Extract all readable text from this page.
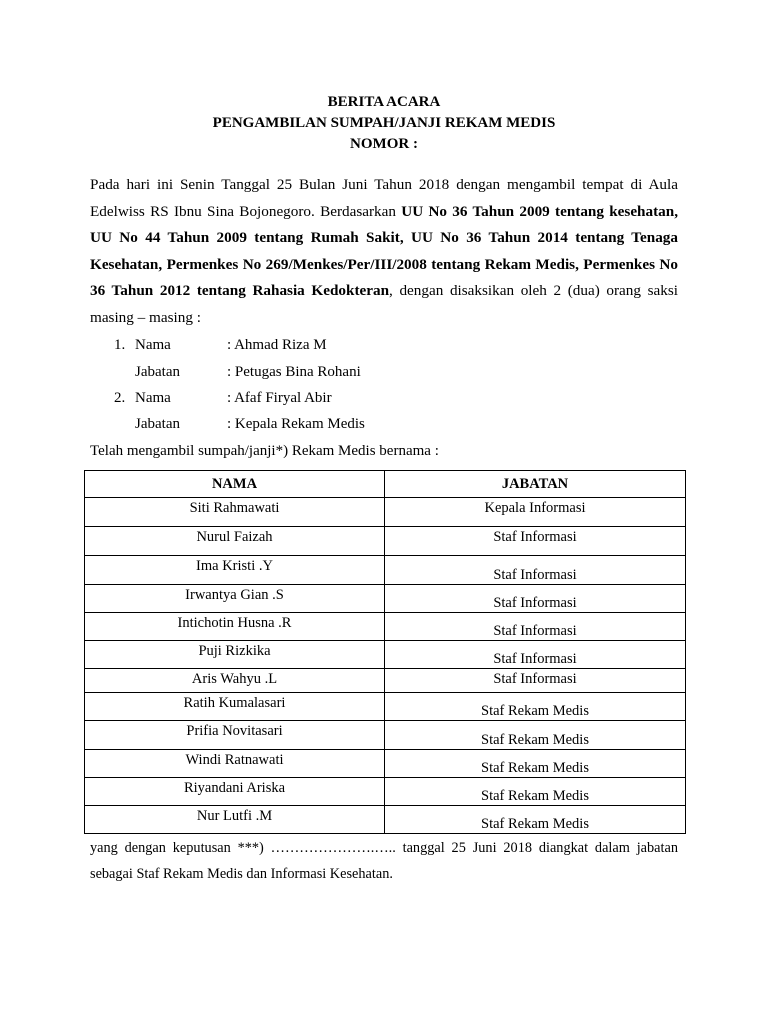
BERITA ACARA
PENGAMBILAN SUMPAH/JANJI REKAM MEDIS
NOMOR :

Pada hari ini Senin Tanggal 25 Bulan Juni Tahun 2018 dengan mengambil tempat di Aula Edelwiss RS Ibnu Sina Bojonegoro. Berdasarkan UU No 36 Tahun 2009 tentang kesehatan, UU No 44 Tahun 2009 tentang Rumah Sakit, UU No 36 Tahun 2014 tentang Tenaga Kesehatan, Permenkes No 269/Menkes/Per/III/2008 tentang Rekam Medis, Permenkes No 36 Tahun 2012 tentang Rahasia Kedokteran, dengan disaksikan oleh 2 (dua) orang saksi masing – masing :

1. Nama	: Ahmad Riza M
Jabatan	: Petugas Bina Rohani
2. Nama	: Afaf Firyal Abir
Jabatan	: Kepala Rekam Medis
Telah mengambil sumpah/janji*) Rekam Medis bernama :
NAMA	JABATAN
Siti Rahmawati	Kepala Informasi
Nurul Faizah	Staf Informasi
Ima Kristi .Y	Staf Informasi
Irwantya Gian .S	Staf Informasi
Intichotin Husna .R	Staf Informasi
Puji Rizkika	Staf Informasi
Aris Wahyu .L	Staf Informasi
Ratih Kumalasari	Staf Rekam Medis
Prifia Novitasari	Staf Rekam Medis
Windi Ratnawati	Staf Rekam Medis
Riyandani Ariska	Staf Rekam Medis
Nur Lutfi .M	Staf Rekam Medis

yang dengan keputusan ***) ………………….….. tanggal 25 Juni 2018 diangkat dalam jabatan sebagai Staf Rekam Medis dan Informasi Kesehatan.
